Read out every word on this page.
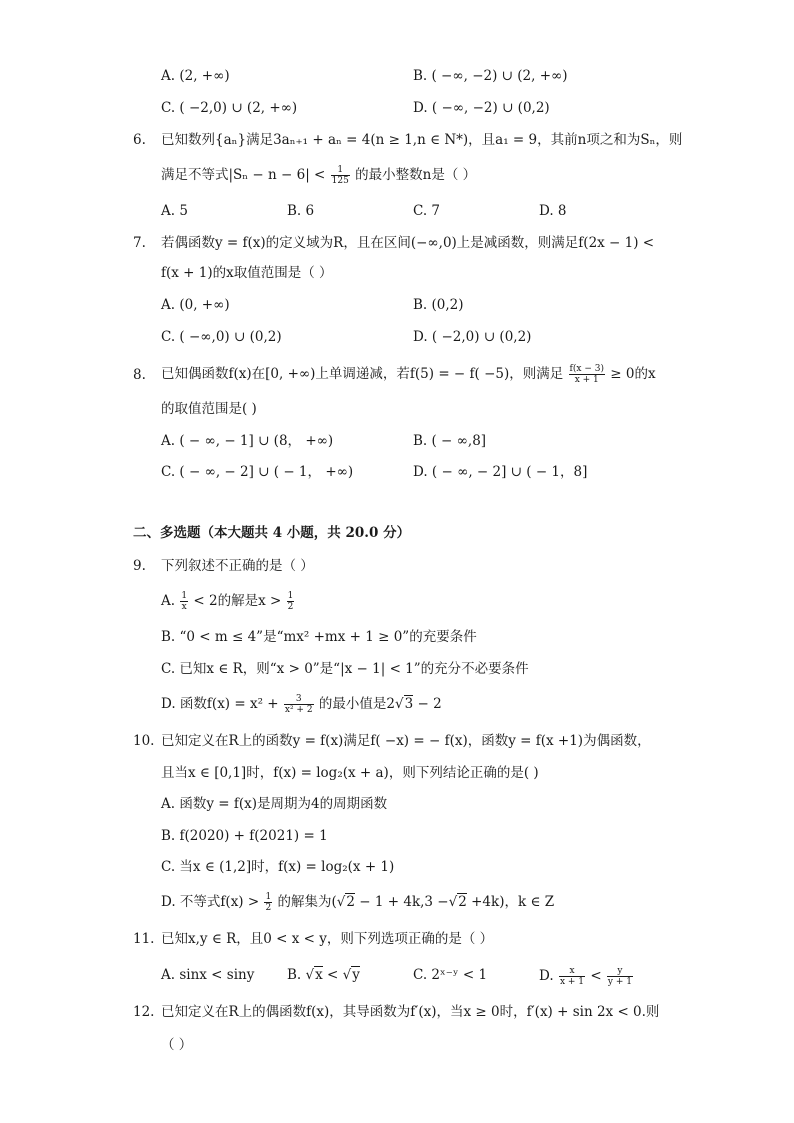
A. (2, +∞)	B. ( −∞, −2) ∪ (2, +∞)
C. ( −2,0) ∪ (2, +∞)	D. ( −∞, −2) ∪ (0,2)
6. 已知数列{aₙ}满足3aₙ₊₁ + aₙ = 4(n ≥ 1,n ∈ N*)，且a₁ = 9，其前n项之和为Sₙ，则
满足不等式$|S_n - n - 6| < \frac{1}{125}$ 的最小整数n是（ ）
A. 5	B. 6	C. 7	D. 8
7. 若偶函数y = f(x)的定义域为R，且在区间(−∞,0)上是减函数，则满足f(2x − 1) <
f(x + 1)的x取值范围是（ ）
A. (0, +∞)	B. (0,2)
C. ( −∞,0) ∪ (0,2)	D. ( −2,0) ∪ (0,2)
8. 已知偶函数f(x)在[0, +∞)上单调递减，若f(5) = − f( −5)，则满足 $\frac{f(x - 3)}{x + 1} \ge 0$的x
的取值范围是( )
A. ( − ∞, − 1] ∪ (8， +∞)	B. ( − ∞,8]
C. ( − ∞, − 2] ∪ ( − 1， +∞)	D. ( − ∞, − 2] ∪ ( − 1，8]
二、多选题（本大题共 4 小题，共 20.0 分）
9. 下列叙述不正确的是（ ）
A. $\frac{1}{x} < 2$的解是$x > \frac{1}{2}$
B. “0 < m ≤ 4”是“mx² +mx + 1 ≥ 0”的充要条件
C. 已知x ∈ R，则“x > 0”是“|x − 1| < 1”的充分不必要条件
D. 函数$f(x) = x^2 + \frac{3}{\text{x² + 2}}$ 的最小值是2√3 − 2
10. 已知定义在R上的函数y = f(x)满足f( −x) = − f(x)，函数y = f(x +1)为偶函数，
且当x ∈ [0,1]时，f(x) = log₂(x + a)，则下列结论正确的是( )
A. 函数y = f(x)是周期为4的周期函数
B. f(2020) + f(2021) = 1
C. 当x ∈ (1,2]时，f(x) = log₂(x + 1)
D. 不等式$f(x) > \frac{1}{2}$ 的解集为(√2 − 1 + 4k,3 −√2 +4k)，k ∈ Z
11. 已知x,y ∈ R，且0 < x < y，则下列选项正确的是（ ）
A. sinx < siny B. √x < √y	C. 2ˣ⁻ʸ < 1	D. $\frac{x}{x + 1} < \frac{y}{y + 1}$
12. 已知定义在R上的偶函数f(x)，其导函数为f′(x)，当x ≥ 0时，f′(x) + sin 2x < 0.则
（ ）
